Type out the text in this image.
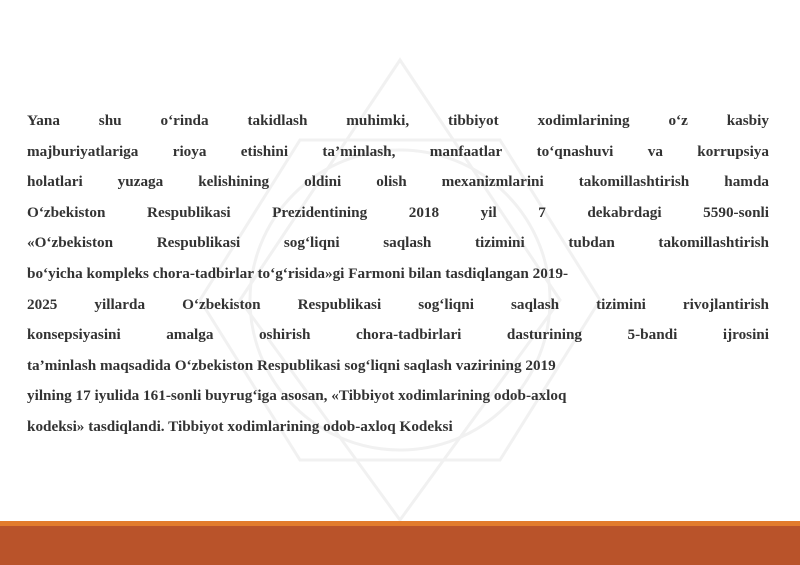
Yana	shu	o‘rinda	takidlash	muhimki,	tibbiyot	xodimlarining	o‘z	kasbiy
majburiyatlariga rioya etishini ta’minlash, manfaatlar to‘qnashuvi va korrupsiya
holatlari yuzaga kelishining oldini olish mexanizmlarini takomillashtirish hamda
O‘zbekiston	Respublikasi	Prezidentining	2018	yil	7	dekabrdagi	5590-sonli
«O‘zbekiston	Respublikasi	sog‘liqni	saqlash	tizimini	tubdan	takomillashtirish
bo‘yicha kompleks chora-tadbirlar to‘g‘risida»gi Farmoni bilan tasdiqlangan 2019-
2025 yillarda O‘zbekiston Respublikasi sog‘liqni saqlash tizimini rivojlantirish
konsepsiyasini	amalga	oshirish	chora-tadbirlari	dasturining	5-bandi	ijrosini
ta’minlash maqsadida O‘zbekiston Respublikasi sog‘liqni saqlash vazirining 2019
yilning 17 iyulida 161-sonli buyrug‘iga asosan, «Tibbiyot xodimlarining odob-axloq
kodeksi» tasdiqlandi. Tibbiyot xodimlarining odob-axloq Kodeksi
